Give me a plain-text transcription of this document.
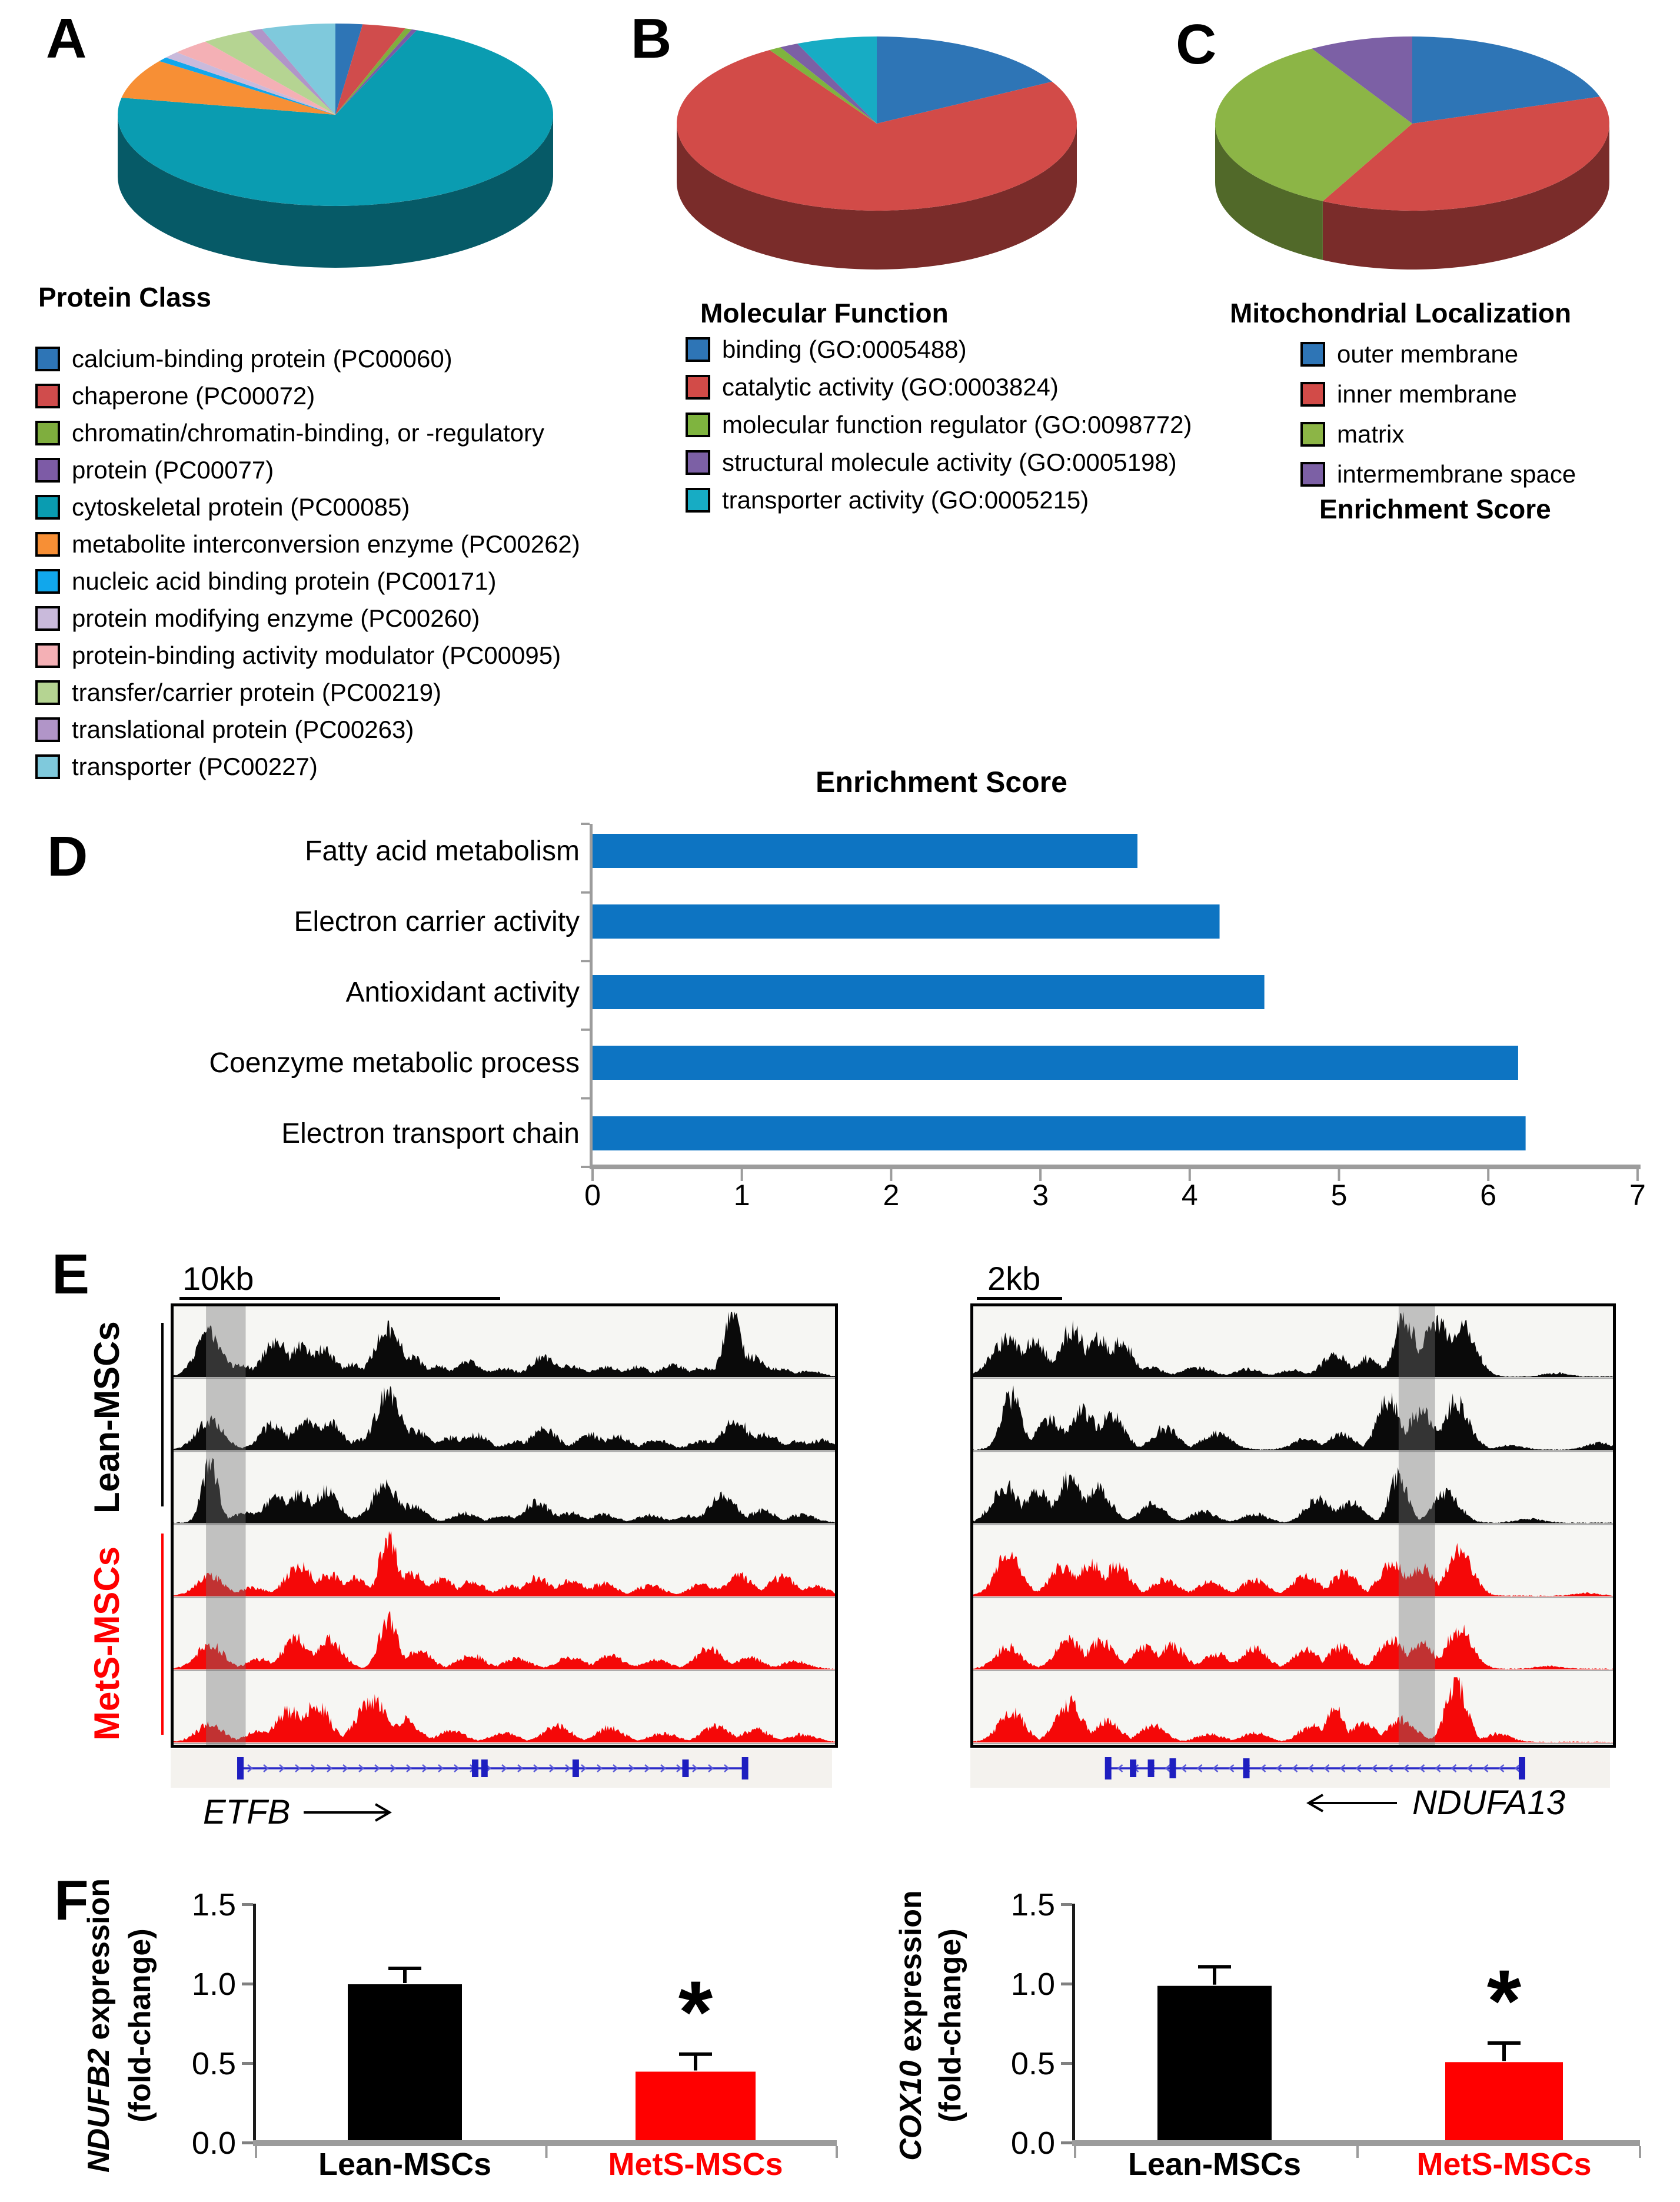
A	B	C
D
E
F
Protein Class
Molecular Function	Mitochondrial Localization
calcium-binding protein (PC00060)
chaperone (PC00072)
chromatin/chromatin-binding, or -regulatory
protein (PC00077)
cytoskeletal protein (PC00085)
metabolite interconversion enzyme (PC00262)
nucleic acid binding protein (PC00171)
protein modifying enzyme (PC00260)
protein-binding activity modulator (PC00095)
transfer/carrier protein (PC00219)
translational protein (PC00263)
transporter (PC00227)
binding (GO:0005488)
catalytic activity (GO:0003824)
molecular function regulator (GO:0098772)
structural molecule activity (GO:0005198)
transporter activity (GO:0005215)
outer membrane
inner membrane
matrix
intermembrane space
Enrichment Score
Enrichment Score
0	1	2	3	4	5	6	7
Fatty acid metabolism
Electron carrier activity
Antioxidant activity
Coenzyme metabolic process
Electron transport chain
10kb	2kb
Lean-MSCs
MetS-MSCs
ETFB	NDUFA13
NDUFB2 expression (fold-change)
0.0
0.5
1.0
1.5
Lean-MSCs
*
MetS-MSCs
COX10 expression (fold-change)
0.0
0.5
1.0
1.5
Lean-MSCs
*
MetS-MSCs
